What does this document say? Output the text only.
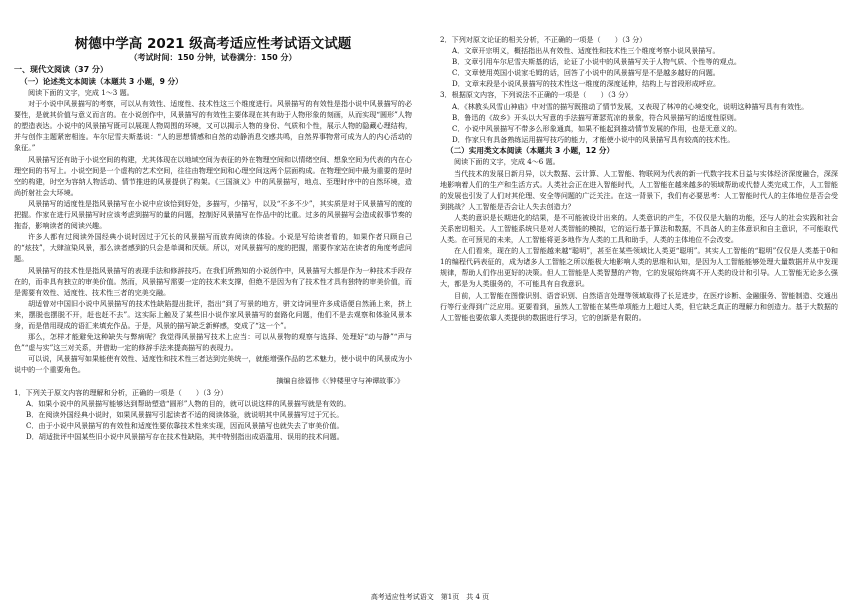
树德中学高 2021 级高考适应性考试语文试题
（考试时间：150 分钟，试卷满分：150 分）
一、现代文阅读（37 分）
（一）论述类文本阅读（本题共 3 小题，9 分）
阅读下面的文字，完成 1～3 题。
对于小说中风景描写的考察，可以从有效性、适度性、技术性这三个维度进行。风景描写的有效性是指小说中风景描写的必要性，是就其价值与意义而言的。在小说创作中，风景描写的有效性主要体现在其有助于人物形象的刻画，从而实现“圆形”人物的塑造表达。小说中的风景描写既可以展现人物周围的环境，又可以揭示人物的身份、气质和个性，展示人物的隐藏心理结构，并与创作主题紧密相连。车尔尼雪夫斯基说：“人的思想情感和自然的动静消息交感共鸣，自然界事物常可成为人的内心活动的象征。”
风景描写还有助于小说空间的构建，尤其体现在以地域空间为表征的外在物理空间和以情绪空间、想象空间为代表的内在心理空间的书写上。小说空间是一个虚构的艺术空间，往往由物理空间和心理空间这两个层面构成。在物理空间中最为重要的是时空的构建，时空为容纳人物活动、情节推进的风景提供了构架。《三国演义》中的风景描写，地点、至理时序中的自然环境，造尚折射社会大环境。
风景描写的适度性是指风景描写在小说中应该恰到好处，多描写，少描写，以及“不多不少”，其实质是对于风景描写的度的把握。作家在进行风景描写时应该考虑到描写的量的问题，控制好风景描写在作品中的比重。过多的风景描写会造成叙事节奏的拖沓，影响读者的阅读兴趣。
许多人都有过阅读外国经典小说时因过于冗长的风景描写而放弃阅读的体验。小说是写给读者看的，如果作者只顾自己的“炫技”，大肆渲染风景，那么读者感到的只会是单调和厌烦。所以，对风景描写的度的把握，需要作家站在读者的角度考虑问题。
风景描写的技术性是指风景描写的表现手法和修辞技巧。在我们所熟知的小说创作中，风景描写大都是作为一种技术手段存在的，而非具有独立的审美价值。然而，风景描写需要一定的技术来支撑，但绝不是因为有了技术性才具有独特的审美价值，而是需要有效性、适度性、技术性三者的完美交融。
胡适曾对中国旧小说中风景描写的技术性缺陷提出批评，指出“到了写景的地方，骈文诗词里许多成语便自然涌上来，挤上来，摆脱也摆脱不开，赶也赶不去”。这实际上触及了某些旧小说作家风景描写的套路化问题，他们不是去观察和体验风景本身，而是借用现成的语汇来填充作品。于是，风景的描写缺乏新鲜感，变成了“这一个”。
那么，怎样才能避免这种缺失与弊病呢？我觉得风景描写技术上应当：可以从景物的观察与选择、处理好“动与静”“声与色”“虚与实”这三对关系，并借助一定的修辞手法来提高描写的表现力。
可以说，风景描写如果能使有效性、适度性和技术性三者达到完美统一，就能增强作品的艺术魅力，使小说中的风景成为小说中的一个重要角色。
摘编自徐福伟《〈钟楼里守与神谭故事〉》
1．下列关于原文内容的理解和分析，正确的一项是（　　）（3 分）
A．如果小说中的风景描写能够达到帮助塑造“圆形”人物的目的，就可以说这样的风景描写就是有效的。
B．在阅读外国经典小说时，如果风景描写引起读者不适的阅读体验，就说明其中风景描写过于冗长。
C．由于小说中风景描写的有效性和适度性要依靠技术性来实现，因而风景描写也就失去了审美价值。
D．胡适批评中国某些旧小说中风景描写存在技术性缺陷，其中特别指出成语滥用、误用的技术问题。
2．下列对原文论证的相关分析，不正确的一项是（　　）（3 分）
A．文章开宗明义，概括指出从有效性、适度性和技术性三个维度考察小说风景描写。
B．文章引用车尔尼雪夫斯基的话，论证了小说中的风景描写关于人物气质、个性等的观点。
C．文章使用英国小说家毛姆的话，回答了小说中的风景描写是不是越多越好的问题。
D．文章末段是小说风景描写的技术性这一维度的深度延伸，结构上与首段形成呼应。
3．根据原文内容，下列说法不正确的一项是（　　）（3 分）
A．《林教头风雪山神庙》中对雪的描写既推动了情节发展，又表现了林冲的心境变化，说明这种描写具有有效性。
B．鲁迅的《故乡》开头以大写意的手法描写萧瑟荒凉的景象，符合风景描写的适度性原则。
C．小说中风景描写不带多么形象通真，如果不能起到推动情节发展的作用，也是无意义的。
D．作家只有具备熟练运用描写技巧的能力，才能使小说中的风景描写具有较高的技术性。
（二）实用类文本阅读（本题共 3 小题，12 分）
阅读下面的文字，完成 4～6 题。
当代技术的发展日新月异，以大数据、云计算、人工智能、物联网为代表的新一代数字技术日益与实体经济深度融合，深深地影响着人们的生产和生活方式。人类社会正在进入智能时代，人工智能在越来越多的领域帮助或代替人类完成工作，人工智能的发展也引发了人们对其伦理、安全等问题的广泛关注。在这一背景下，我们有必要思考：人工智能时代人的主体地位是否会受到挑战？人工智能是否会让人失去创造力？
人类的意识是长期进化的结果，是不可能被设计出来的。人类意识的产生，不仅仅是大脑的功能，还与人的社会实践和社会关系密切相关。人工智能系统只是对人类智能的模拟，它的运行基于算法和数据，不具备人的主体意识和自主意识，不可能取代人类。在可预见的未来，人工智能将更多地作为人类的工具和助手，人类的主体地位不会改变。
在人们看来，现在的人工智能越来越“聪明”，甚至在某些领域比人类更“聪明”。其实人工智能的“聪明”仅仅是人类基于0和1的编程代码表征的，成为诸多人工智能之所以能极大地影响人类的思维和认知，是因为人工智能能够处理大量数据并从中发现规律，帮助人们作出更好的决策。但人工智能是人类智慧的产物，它的发展始终离不开人类的设计和引导。人工智能无论多么强大，都是为人类服务的，不可能具有自我意识。
目前，人工智能在图像识别、语音识别、自然语言处理等领域取得了长足进步，在医疗诊断、金融服务、智能制造、交通出行等行业得到广泛应用。更要看到，虽然人工智能在某些单项能力上超过人类，但它缺乏真正的理解力和创造力。基于大数据的人工智能也要依靠人类提供的数据进行学习，它的创新是有限的。
高考适应性考试语文　第1页　共 4 页
